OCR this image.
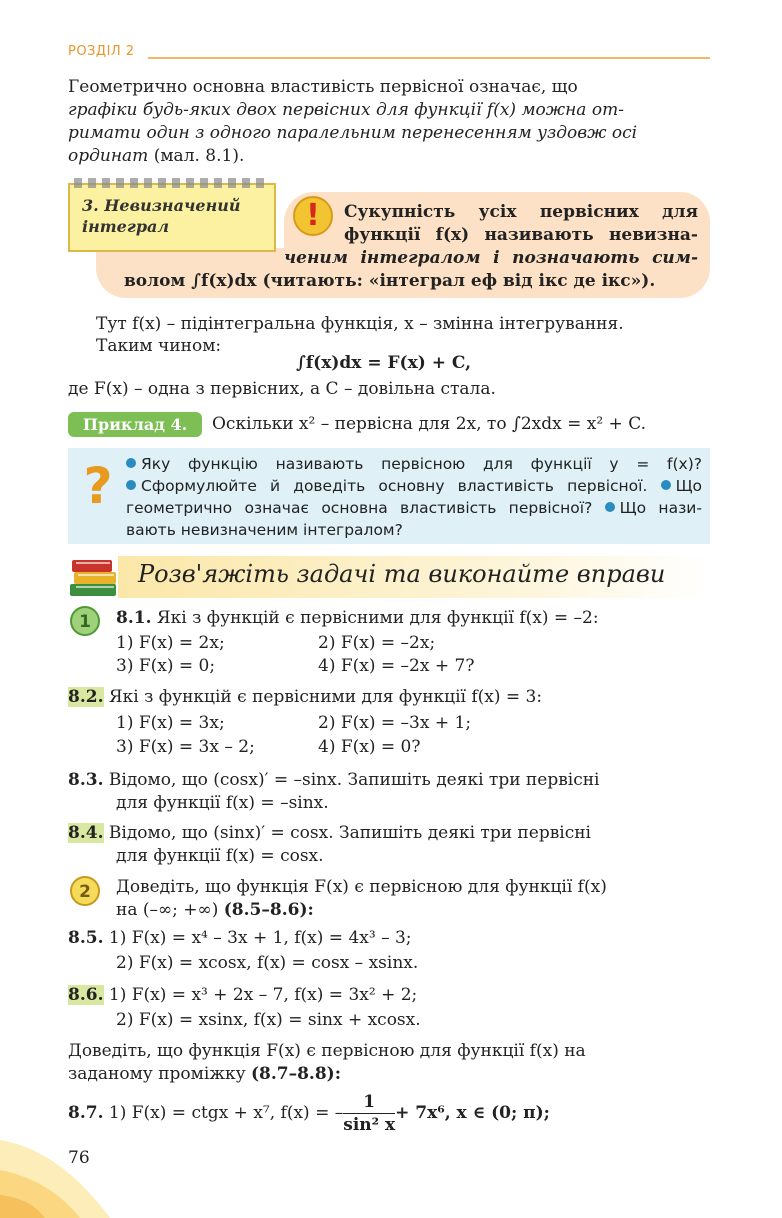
РОЗДІЛ 2
Геометрично основна властивість первісної означає, що
графіки будь-яких двох первісних для функції f(x) можна от-
римати один з одного паралельним перенесенням уздовж осі
ординат (мал. 8.1).
3. Невизначений
інтеграл	!	Сукупність усіх первісних для
функції f(x) називають невизна-
ченим інтегралом і позначають сим-
волом ∫f(x)dx (читають: «інтеграл еф від ікс де ікс»).
Тут f(x) – підінтегральна функція, x – змінна інтегрування.
Таким чином:
∫f(x)dx = F(x) + C,
де F(x) – одна з первісних, а C – довільна стала.
Приклад 4.	Оскільки x² – первісна для 2x, то ∫2xdx = x² + C.
?	Яку функцію називають первісною для функції y = f(x)?
Сформулюйте й доведіть основну властивість первісної. Що
геометрично означає основна властивість первісної? Що нази-
вають невизначеним інтегралом?
Розв'яжіть задачі та виконайте вправи
1	8.1. Які з функцій є первісними для функції f(x) = –2:
1) F(x) = 2x;	2) F(x) = –2x;
3) F(x) = 0;	4) F(x) = –2x + 7?
8.2. Які з функцій є первісними для функції f(x) = 3:
1) F(x) = 3x;	2) F(x) = –3x + 1;
3) F(x) = 3x – 2;	4) F(x) = 0?
8.3. Відомо, що (cosx)′ = –sinx. Запишіть деякі три первісні
для функції f(x) = –sinx.
8.4. Відомо, що (sinx)′ = cosx. Запишіть деякі три первісні
для функції f(x) = cosx.
2	Доведіть, що функція F(x) є первісною для функції f(x)
на (–∞; +∞) (8.5–8.6):
8.5. 1) F(x) = x⁴ – 3x + 1, f(x) = 4x³ – 3;
2) F(x) = xcosx, f(x) = cosx – xsinx.
8.6. 1) F(x) = x³ + 2x – 7, f(x) = 3x² + 2;
2) F(x) = xsinx, f(x) = sinx + xcosx.
Доведіть, що функція F(x) є первісною для функції f(x) на
заданому проміжку (8.7–8.8):
8.7. 1) F(x) = ctgx + x⁷, f(x) = – $\frac{1}{\text{sin² x}} + 7x^6$, x ∈ (0; π);
76
